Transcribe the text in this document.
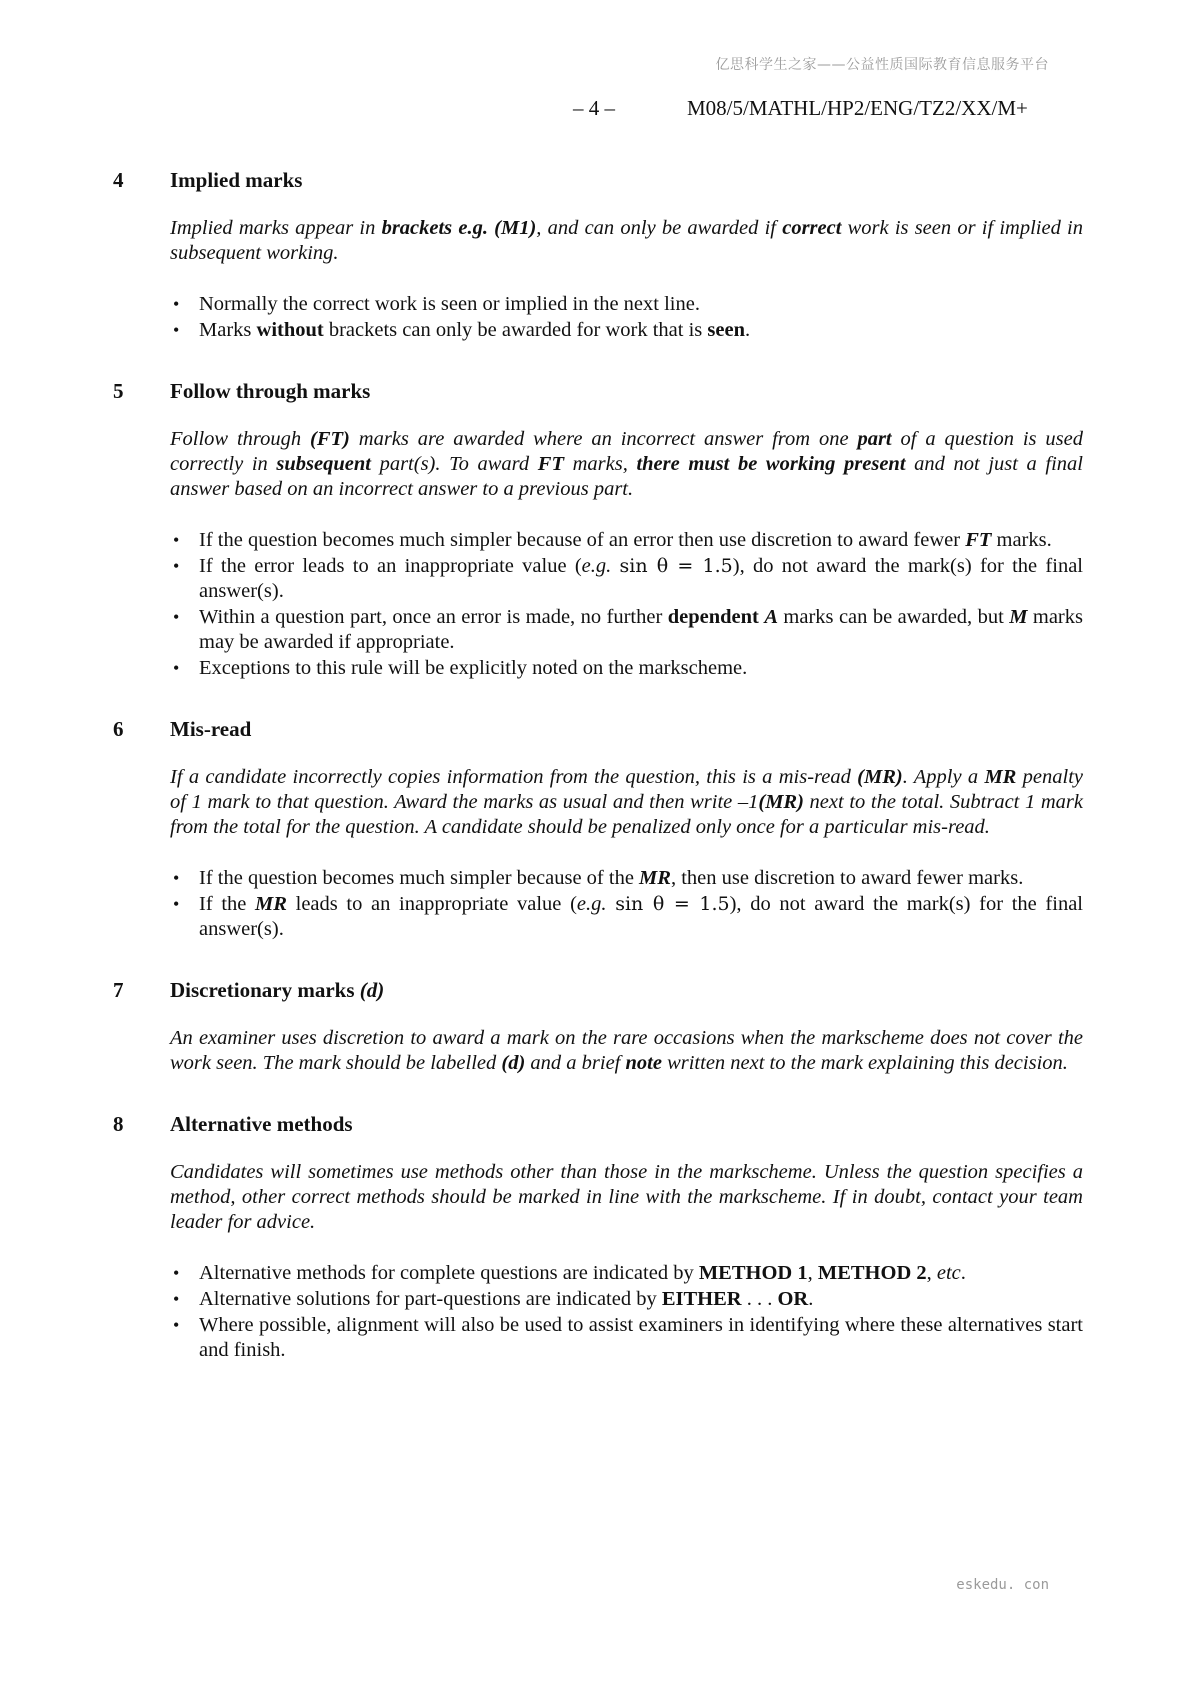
亿思科学生之家——公益性质国际教育信息服务平台
– 4 –	M08/5/MATHL/HP2/ENG/TZ2/XX/M+
4	Implied marks

Implied marks appear in brackets e.g. (M1), and can only be awarded if correct work is seen or if implied in subsequent working.

• Normally the correct work is seen or implied in the next line.
• Marks without brackets can only be awarded for work that is seen.
5	Follow through marks

Follow through (FT) marks are awarded where an incorrect answer from one part of a question is used correctly in subsequent part(s). To award FT marks, there must be working present and not just a final answer based on an incorrect answer to a previous part.

• If the question becomes much simpler because of an error then use discretion to award fewer FT marks.
• If the error leads to an inappropriate value (e.g. sin θ = 1.5), do not award the mark(s) for the final answer(s).
• Within a question part, once an error is made, no further dependent A marks can be awarded, but M marks may be awarded if appropriate.
• Exceptions to this rule will be explicitly noted on the markscheme.
6	Mis-read

If a candidate incorrectly copies information from the question, this is a mis-read (MR). Apply a MR penalty of 1 mark to that question. Award the marks as usual and then write –1(MR) next to the total. Subtract 1 mark from the total for the question. A candidate should be penalized only once for a particular mis-read.

• If the question becomes much simpler because of the MR, then use discretion to award fewer marks.
• If the MR leads to an inappropriate value (e.g. sin θ = 1.5), do not award the mark(s) for the final answer(s).
7	Discretionary marks (d)

An examiner uses discretion to award a mark on the rare occasions when the markscheme does not cover the work seen. The mark should be labelled (d) and a brief note written next to the mark explaining this decision.

8	Alternative methods

Candidates will sometimes use methods other than those in the markscheme. Unless the question specifies a method, other correct methods should be marked in line with the markscheme. If in doubt, contact your team leader for advice.

• Alternative methods for complete questions are indicated by METHOD 1, METHOD 2, etc.
• Alternative solutions for part-questions are indicated by EITHER . . . OR.
• Where possible, alignment will also be used to assist examiners in identifying where these alternatives start and finish.
eskedu. con
